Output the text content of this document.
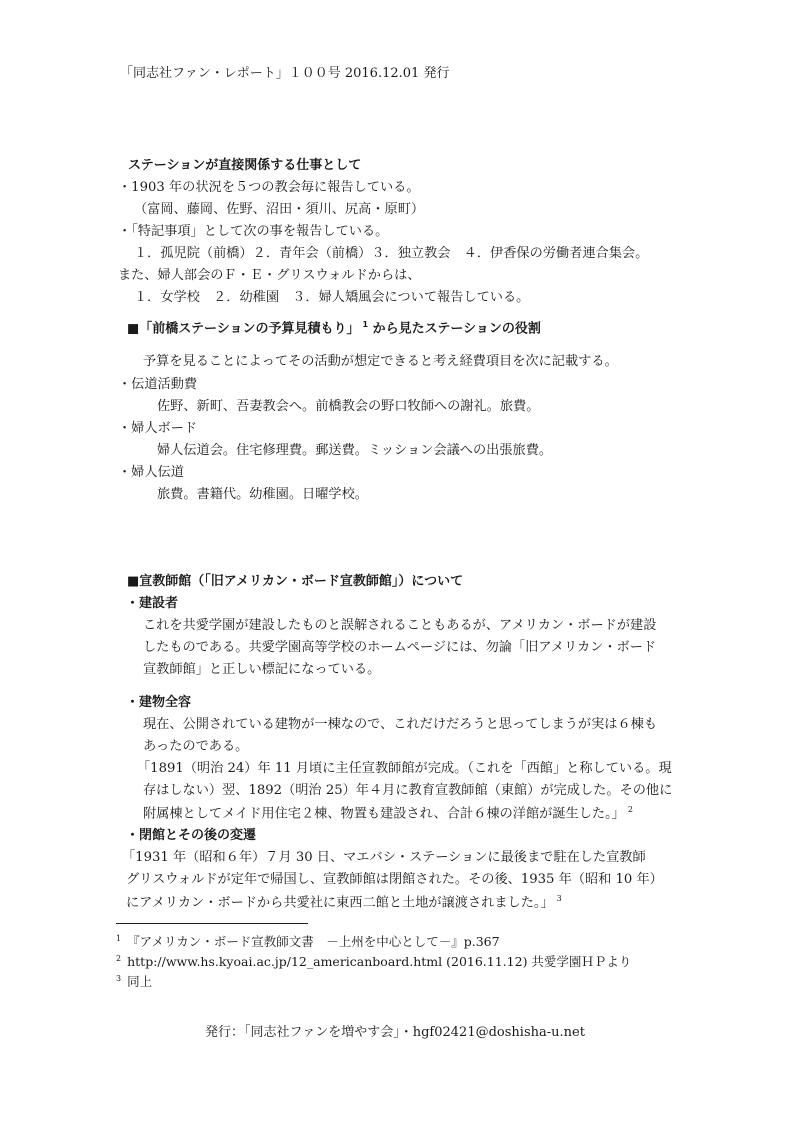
「同志社ファン・レポート」１００号 2016.12.01 発行
ステーションが直接関係する仕事として
・1903 年の状況を５つの教会毎に報告している。
（富岡、藤岡、佐野、沼田・須川、尻高・原町）
・「特記事項」として次の事を報告している。
１．孤児院（前橋）２．青年会（前橋）３．独立教会　４．伊香保の労働者連合集会。
また、婦人部会のＦ・Ｅ・グリスウォルドからは、
１．女学校　２．幼稚園　３．婦人矯風会について報告している。
■「前橋ステーションの予算見積もり」 $^1$ から見たステーションの役割
予算を見ることによってその活動が想定できると考え経費項目を次に記載する。
・伝道活動費
佐野、新町、吾妻教会へ。前橋教会の野口牧師への謝礼。旅費。
・婦人ボード
婦人伝道会。住宅修理費。郵送費。ミッション会議への出張旅費。
・婦人伝道
旅費。書籍代。幼稚園。日曜学校。
■宣教師館（「旧アメリカン・ボード宣教師館」）について
・建設者
これを共愛学園が建設したものと誤解されることもあるが、アメリカン・ボードが建設
したものである。共愛学園高等学校のホームページには、勿論「旧アメリカン・ボード
宣教師館」と正しい標記になっている。
・建物全容
現在、公開されている建物が一棟なので、これだけだろうと思ってしまうが実は６棟も
あったのである。
「1891（明治 24）年 11 月頃に主任宣教師館が完成。（これを「西館」と称している。現
存はしない）翌、1892（明治 25）年４月に教育宣教師館（東館）が完成した。その他に
附属棟としてメイド用住宅２棟、物置も建設され、合計６棟の洋館が誕生した。」 $^2$
・閉館とその後の変遷
「1931 年（昭和６年）７月 30 日、マエバシ・ステーションに最後まで駐在した宣教師
グリスウォルドが定年で帰国し、宣教師館は閉館された。その後、1935 年（昭和 10 年）
にアメリカン・ボードから共愛社に東西二館と土地が譲渡されました。」 $^3$
$^1$ 『アメリカン・ボード宣教師文書　－上州を中心として－』p.367
$^2$ http://www.hs.kyoai.ac.jp/12_americanboard.html (2016.11.12) 共愛学園ＨＰより
$^3$ 同上
発行：「同志社ファンを増やす会」・hgf02421@doshisha-u.net
